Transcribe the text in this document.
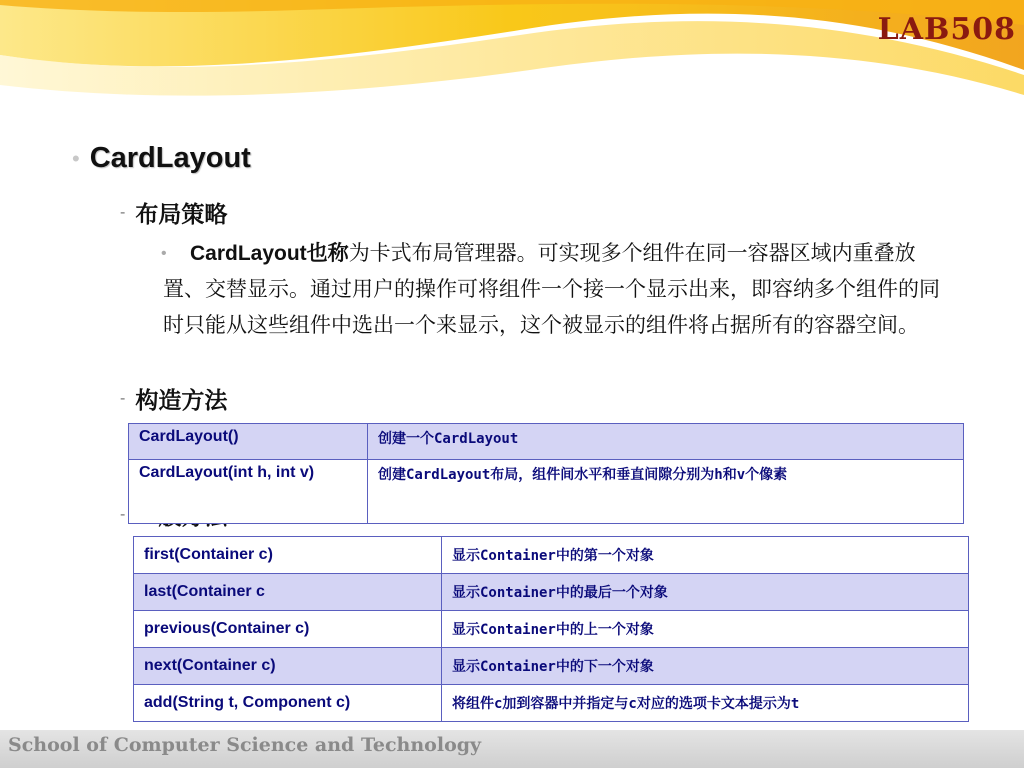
LAB508
• CardLayout
- 布局策略
•	CardLayout也称为卡式布局管理器。可实现多个组件在同一容器区域内重叠放置、交替显示。通过用户的操作可将组件一个接一个显示出来，即容纳多个组件的同时只能从这些组件中选出一个来显示，这个被显示的组件将占据所有的容器空间。

- 构造方法
- 一般方法
CardLayout()	创建一个CardLayout
CardLayout(int h, int v)	创建CardLayout布局，组件间水平和垂直间隙分别为h和v个像素
first(Container c)	显示Container中的第一个对象
last(Container c	显示Container中的最后一个对象
previous(Container c)	显示Container中的上一个对象
next(Container c)	显示Container中的下一个对象
add(String t, Component c)	将组件c加到容器中并指定与c对应的选项卡文本提示为t
School of Computer Science and Technology
